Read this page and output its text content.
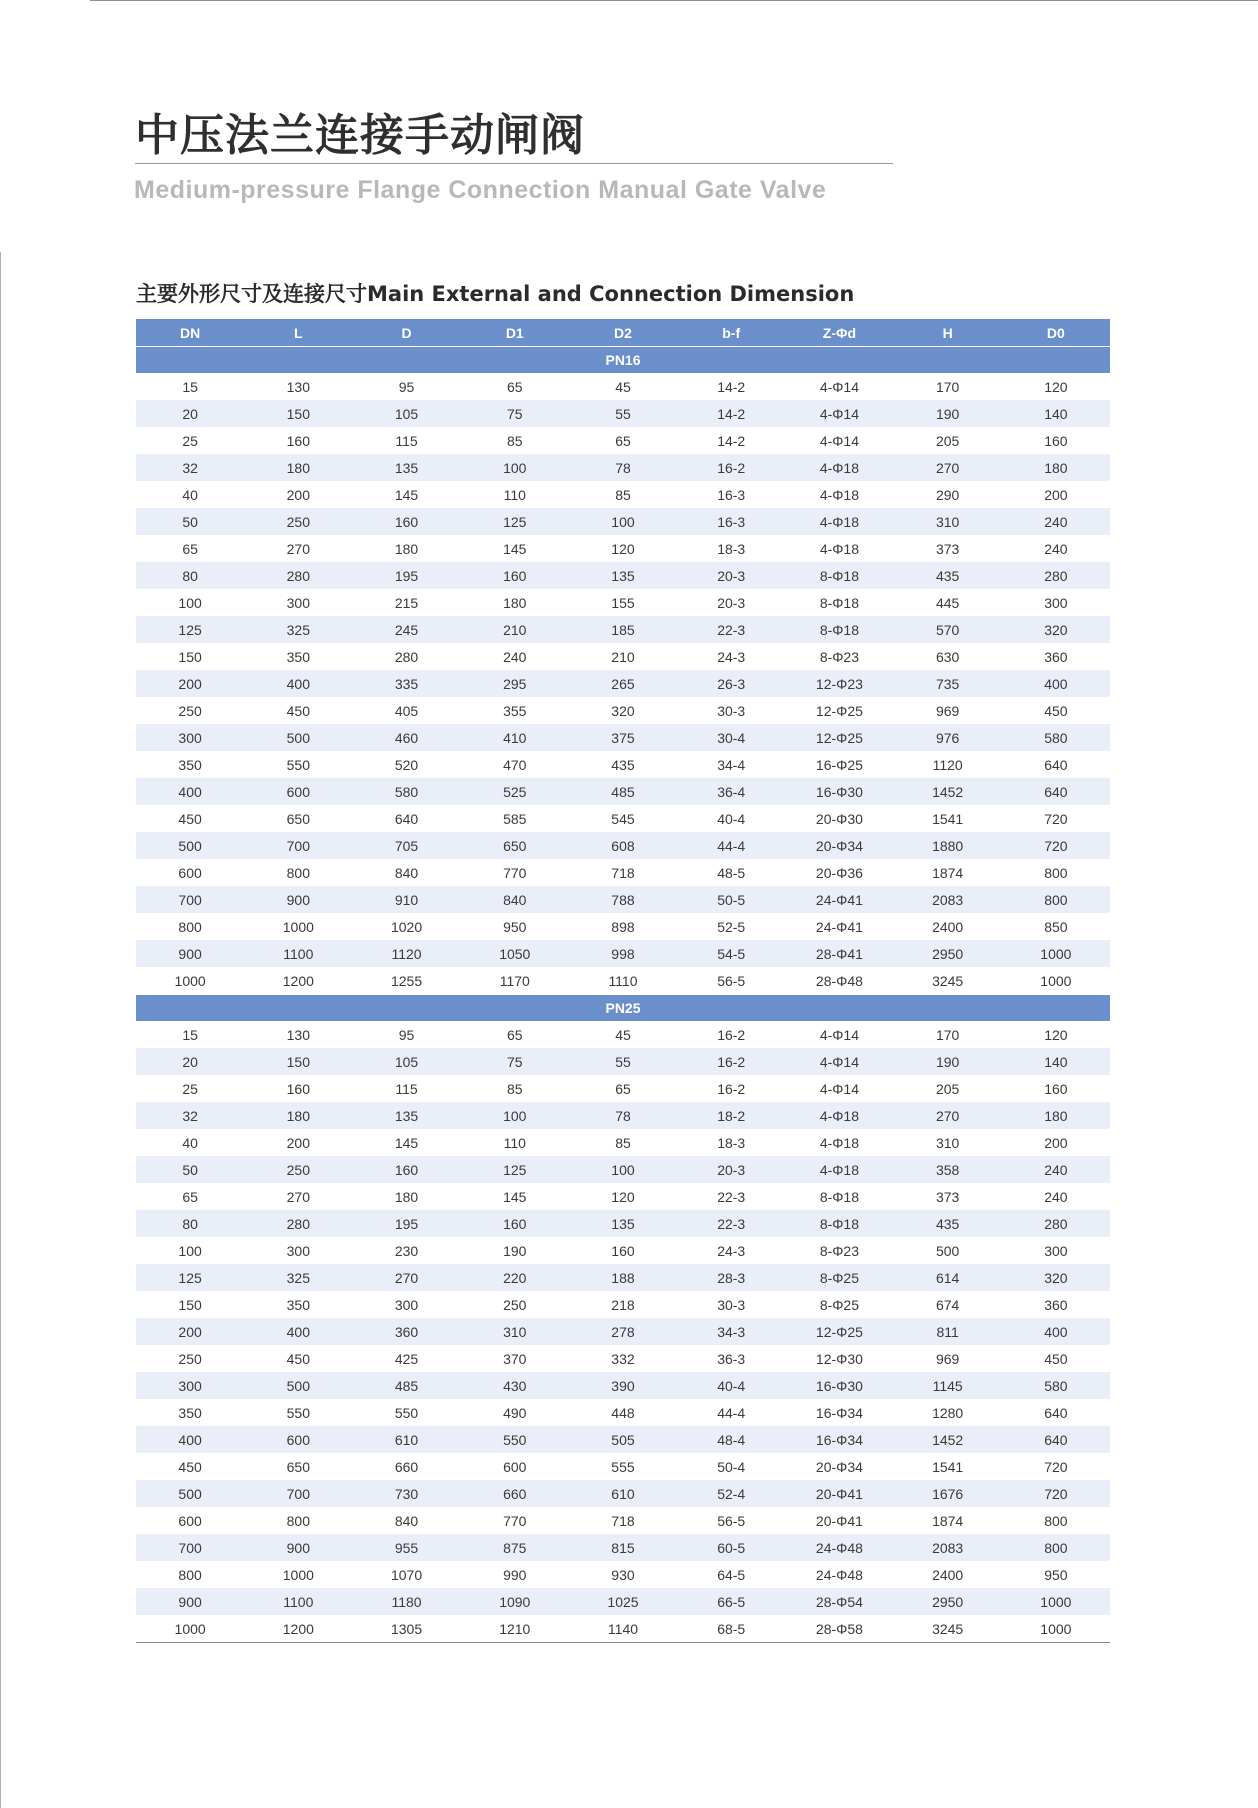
中压法兰连接手动闸阀
Medium-pressure Flange Connection Manual Gate Valve
主要外形尺寸及连接尺寸Main External and Connection Dimension
DN	L	D	D1	D2	b-f	Z-Φd	H	D0
PN16								
15	130	95	65	45	14-2	4-Φ14	170	120
20	150	105	75	55	14-2	4-Φ14	190	140
25	160	115	85	65	14-2	4-Φ14	205	160
32	180	135	100	78	16-2	4-Φ18	270	180
40	200	145	110	85	16-3	4-Φ18	290	200
50	250	160	125	100	16-3	4-Φ18	310	240
65	270	180	145	120	18-3	4-Φ18	373	240
80	280	195	160	135	20-3	8-Φ18	435	280
100	300	215	180	155	20-3	8-Φ18	445	300
125	325	245	210	185	22-3	8-Φ18	570	320
150	350	280	240	210	24-3	8-Φ23	630	360
200	400	335	295	265	26-3	12-Φ23	735	400
250	450	405	355	320	30-3	12-Φ25	969	450
300	500	460	410	375	30-4	12-Φ25	976	580
350	550	520	470	435	34-4	16-Φ25	1120	640
400	600	580	525	485	36-4	16-Φ30	1452	640
450	650	640	585	545	40-4	20-Φ30	1541	720
500	700	705	650	608	44-4	20-Φ34	1880	720
600	800	840	770	718	48-5	20-Φ36	1874	800
700	900	910	840	788	50-5	24-Φ41	2083	800
800	1000	1020	950	898	52-5	24-Φ41	2400	850
900	1100	1120	1050	998	54-5	28-Φ41	2950	1000
1000	1200	1255	1170	1110	56-5	28-Φ48	3245	1000
PN25								
15	130	95	65	45	16-2	4-Φ14	170	120
20	150	105	75	55	16-2	4-Φ14	190	140
25	160	115	85	65	16-2	4-Φ14	205	160
32	180	135	100	78	18-2	4-Φ18	270	180
40	200	145	110	85	18-3	4-Φ18	310	200
50	250	160	125	100	20-3	4-Φ18	358	240
65	270	180	145	120	22-3	8-Φ18	373	240
80	280	195	160	135	22-3	8-Φ18	435	280
100	300	230	190	160	24-3	8-Φ23	500	300
125	325	270	220	188	28-3	8-Φ25	614	320
150	350	300	250	218	30-3	8-Φ25	674	360
200	400	360	310	278	34-3	12-Φ25	811	400
250	450	425	370	332	36-3	12-Φ30	969	450
300	500	485	430	390	40-4	16-Φ30	1145	580
350	550	550	490	448	44-4	16-Φ34	1280	640
400	600	610	550	505	48-4	16-Φ34	1452	640
450	650	660	600	555	50-4	20-Φ34	1541	720
500	700	730	660	610	52-4	20-Φ41	1676	720
600	800	840	770	718	56-5	20-Φ41	1874	800
700	900	955	875	815	60-5	24-Φ48	2083	800
800	1000	1070	990	930	64-5	24-Φ48	2400	950
900	1100	1180	1090	1025	66-5	28-Φ54	2950	1000
1000	1200	1305	1210	1140	68-5	28-Φ58	3245	1000
